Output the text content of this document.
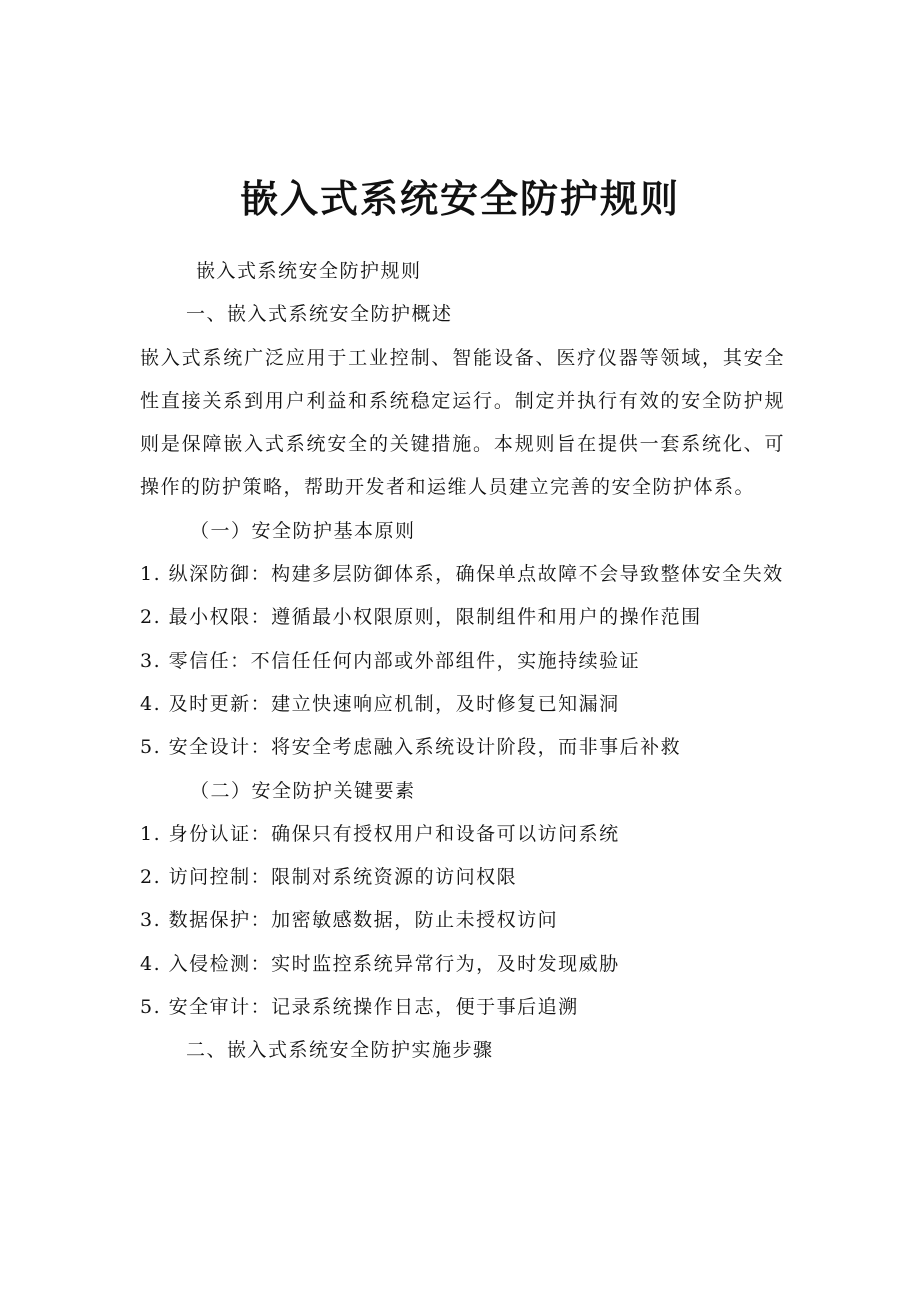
嵌入式系统安全防护规则

嵌入式系统安全防护规则

一、嵌入式系统安全防护概述

嵌入式系统广泛应用于工业控制、智能设备、医疗仪器等领域，其安全性直接关系到用户利益和系统稳定运行。制定并执行有效的安全防护规则是保障嵌入式系统安全的关键措施。本规则旨在提供一套系统化、可操作的防护策略，帮助开发者和运维人员建立完善的安全防护体系。

（一）安全防护基本原则

1. 纵深防御：构建多层防御体系，确保单点故障不会导致整体安全失效

2. 最小权限：遵循最小权限原则，限制组件和用户的操作范围

3. 零信任：不信任任何内部或外部组件，实施持续验证

4. 及时更新：建立快速响应机制，及时修复已知漏洞

5. 安全设计：将安全考虑融入系统设计阶段，而非事后补救

（二）安全防护关键要素

1. 身份认证：确保只有授权用户和设备可以访问系统

2. 访问控制：限制对系统资源的访问权限

3. 数据保护：加密敏感数据，防止未授权访问

4. 入侵检测：实时监控系统异常行为，及时发现威胁

5. 安全审计：记录系统操作日志，便于事后追溯

二、嵌入式系统安全防护实施步骤
